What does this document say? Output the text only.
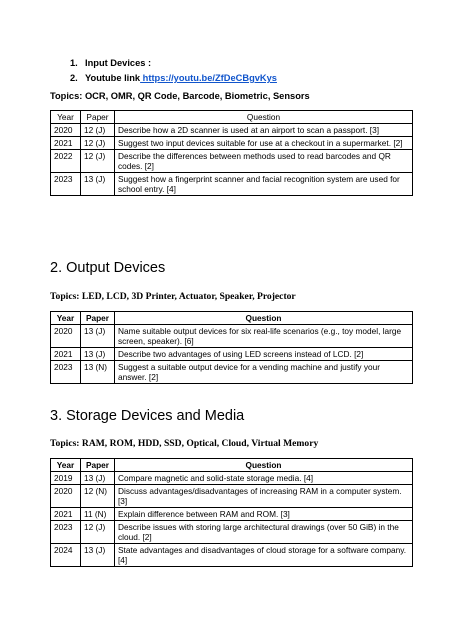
1. Input Devices :
2. Youtube link https://youtu.be/ZfDeCBgvKys
Topics: OCR, OMR, QR Code, Barcode, Biometric, Sensors
Year	Paper	Question
2020	12 (J)	Describe how a 2D scanner is used at an airport to scan a passport. [3]
2021	12 (J)	Suggest two input devices suitable for use at a checkout in a supermarket. [2]
2022	12 (J)	Describe the differences between methods used to read barcodes and QR codes. [2]
2023	13 (J)	Suggest how a fingerprint scanner and facial recognition system are used for school entry. [4]
2. Output Devices
Topics: LED, LCD, 3D Printer, Actuator, Speaker, Projector
Year	Paper	Question
2020	13 (J)	Name suitable output devices for six real-life scenarios (e.g., toy model, large screen, speaker). [6]
2021	13 (J)	Describe two advantages of using LED screens instead of LCD. [2]
2023	13 (N)	Suggest a suitable output device for a vending machine and justify your answer. [2]
3. Storage Devices and Media
Topics: RAM, ROM, HDD, SSD, Optical, Cloud, Virtual Memory
Year	Paper	Question
2019	13 (J)	Compare magnetic and solid-state storage media. [4]
2020	12 (N)	Discuss advantages/disadvantages of increasing RAM in a computer system. [3]
2021	11 (N)	Explain difference between RAM and ROM. [3]
2023	12 (J)	Describe issues with storing large architectural drawings (over 50 GiB) in the cloud. [2]
2024	13 (J)	State advantages and disadvantages of cloud storage for a software company. [4]
